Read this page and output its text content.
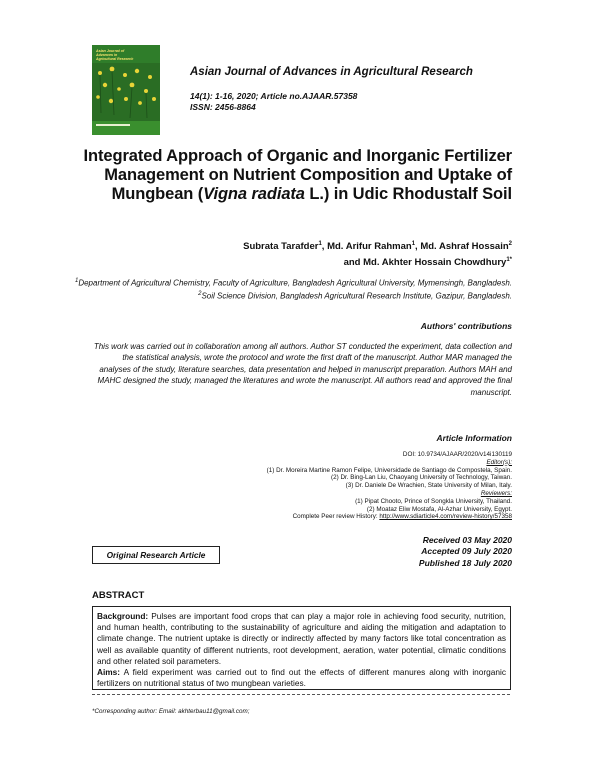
Asian Journal of
Advances in
Agricultural Research
Asian Journal of Advances in Agricultural Research
14(1): 1-16, 2020; Article no.AJAAR.57358
ISSN: 2456-8864
Integrated Approach of Organic and Inorganic Fertilizer Management on Nutrient Composition and Uptake of Mungbean (Vigna radiata L.) in Udic Rhodustalf Soil
Subrata Tarafder$^1$, Md. Arifur Rahman$^1$, Md. Ashraf Hossain$^2$
and Md. Akhter Hossain Chowdhury$^{1*}$
$^1$Department of Agricultural Chemistry, Faculty of Agriculture, Bangladesh Agricultural University, Mymensingh, Bangladesh.
$^2$Soil Science Division, Bangladesh Agricultural Research Institute, Gazipur, Bangladesh.
Authors' contributions
This work was carried out in collaboration among all authors. Author ST conducted the experiment, data collection and the statistical analysis, wrote the protocol and wrote the first draft of the manuscript. Author MAR managed the analyses of the study, literature searches, data presentation and helped in manuscript preparation. Authors MAH and MAHC designed the study, managed the literatures and wrote the manuscript. All authors read and approved the final manuscript.
Article Information
DOI: 10.9734/AJAAR/2020/v14i130119
Editor(s):
(1) Dr. Moreira Martine Ramon Felipe, Universidade de Santiago de Compostela, Spain.
(2) Dr. Bing-Lan Liu, Chaoyang University of Technology, Taiwan.
(3) Dr. Daniele De Wrachien, State University of Milan, Italy.
Reviewers:
(1) Pipat Chooto, Prince of Songkla University, Thailand.
(2) Moataz Eliw Mostafa, Al-Azhar University, Egypt.
Complete Peer review History: http://www.sdiarticle4.com/review-history/57358
Original Research Article
Received 03 May 2020
Accepted 09 July 2020
Published 18 July 2020
ABSTRACT
Background: Pulses are important food crops that can play a major role in achieving food security, nutrition, and human health, contributing to the sustainability of agriculture and aiding the mitigation and adaptation to climate change. The nutrient uptake is directly or indirectly affected by many factors like total concentration as well as available quantity of different nutrients, root development, aeration, water potential, climatic conditions and other related soil parameters.
Aims: A field experiment was carried out to find out the effects of different manures along with inorganic fertilizers on nutritional status of two mungbean varieties.
*Corresponding author: Email: akhterbau11@gmail.com;
